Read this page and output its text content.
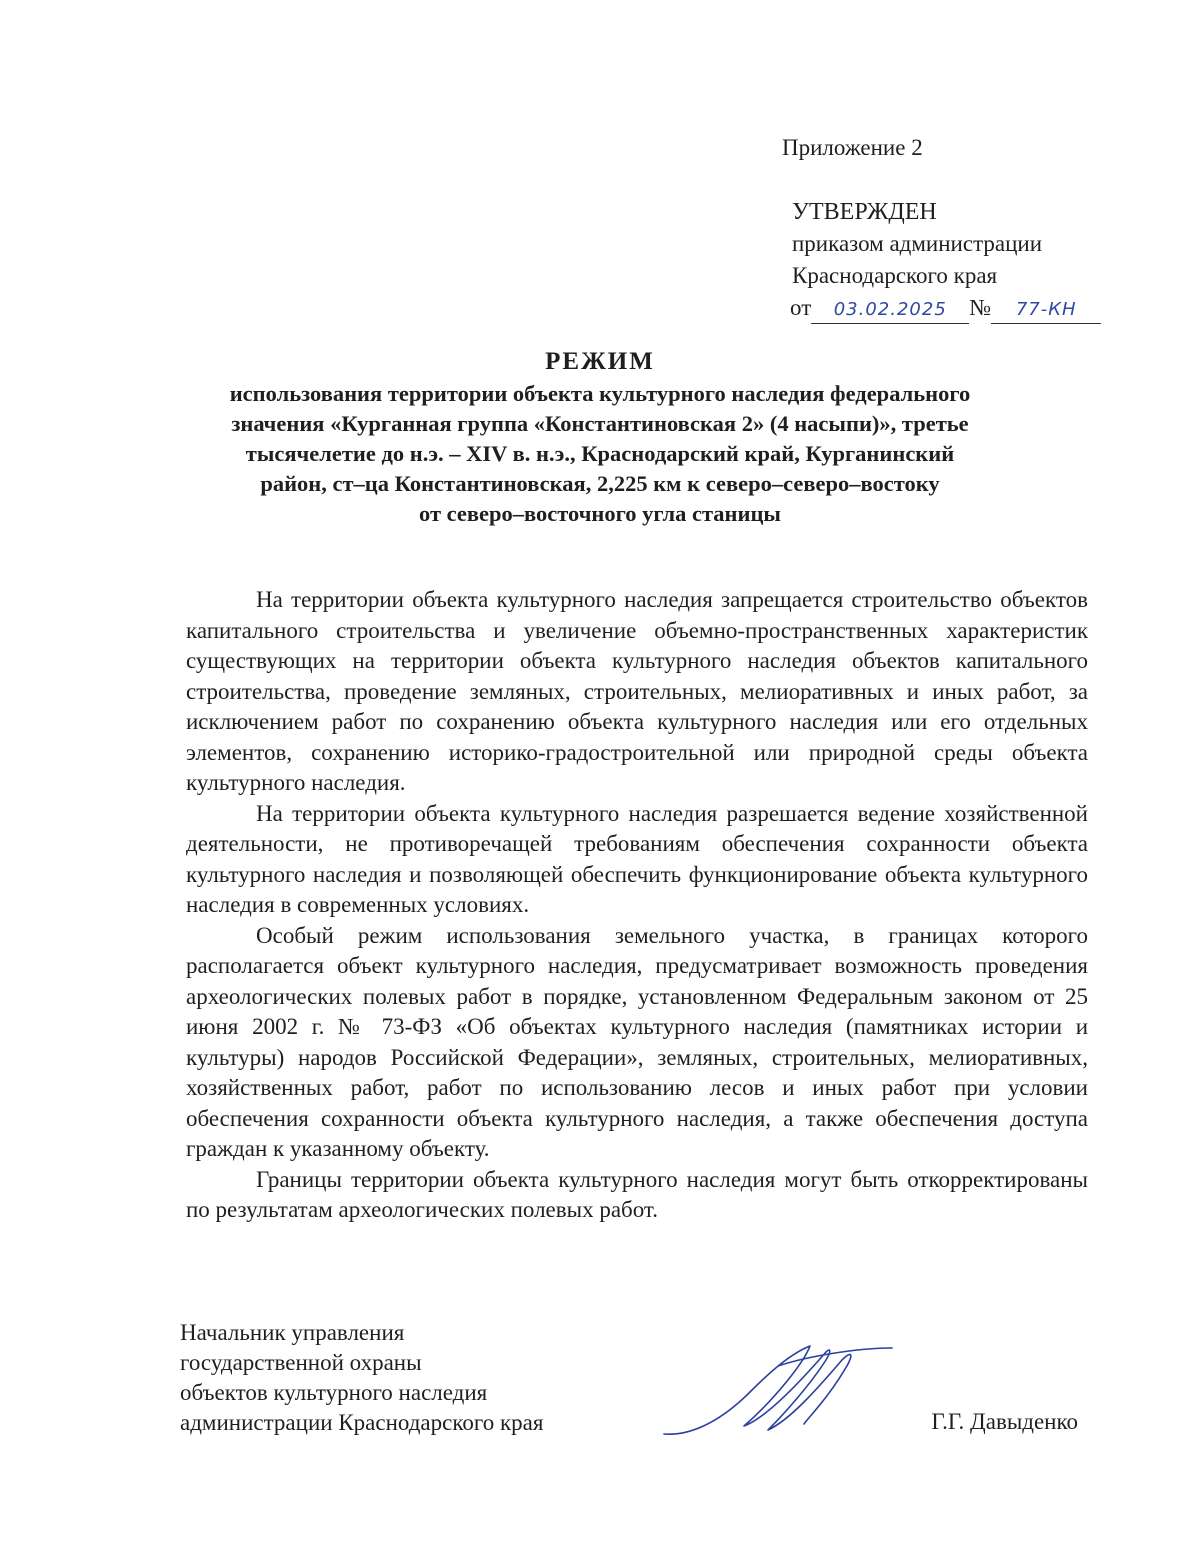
Приложение 2
УТВЕРЖДЕН
приказом администрации
Краснодарского края
от 03.02.2025 № 77-КН
РЕЖИМ
использования территории объекта культурного наследия федерального
значения «Курганная группа «Константиновская 2» (4 насыпи)», третье
тысячелетие до н.э. – XIV в. н.э., Краснодарский край, Курганинский
район, ст–ца Константиновская, 2,225 км к северо–северо–востоку
от северо–восточного угла станицы

На территории объекта культурного наследия запрещается строительство объектов капитального строительства и увеличение объемно-пространственных характеристик существующих на территории объекта культурного наследия объектов капитального строительства, проведение земляных, строительных, мелиоративных и иных работ, за исключением работ по сохранению объекта культурного наследия или его отдельных элементов, сохранению историко-градостроительной или природной среды объекта культурного наследия.

На территории объекта культурного наследия разрешается ведение хозяйственной деятельности, не противоречащей требованиям обеспечения сохранности объекта культурного наследия и позволяющей обеспечить функционирование объекта культурного наследия в современных условиях.

Особый режим использования земельного участка, в границах которого располагается объект культурного наследия, предусматривает возможность проведения археологических полевых работ в порядке, установленном Федеральным законом от 25 июня 2002 г. № 73-ФЗ «Об объектах культурного наследия (памятниках истории и культуры) народов Российской Федерации», земляных, строительных, мелиоративных, хозяйственных работ, работ по использованию лесов и иных работ при условии обеспечения сохранности объекта культурного наследия, а также обеспечения доступа граждан к указанному объекту.

Границы территории объекта культурного наследия могут быть откорректированы по результатам археологических полевых работ.

Начальник управления
государственной охраны
объектов культурного наследия
администрации Краснодарского края	Г.Г. Давыденко
